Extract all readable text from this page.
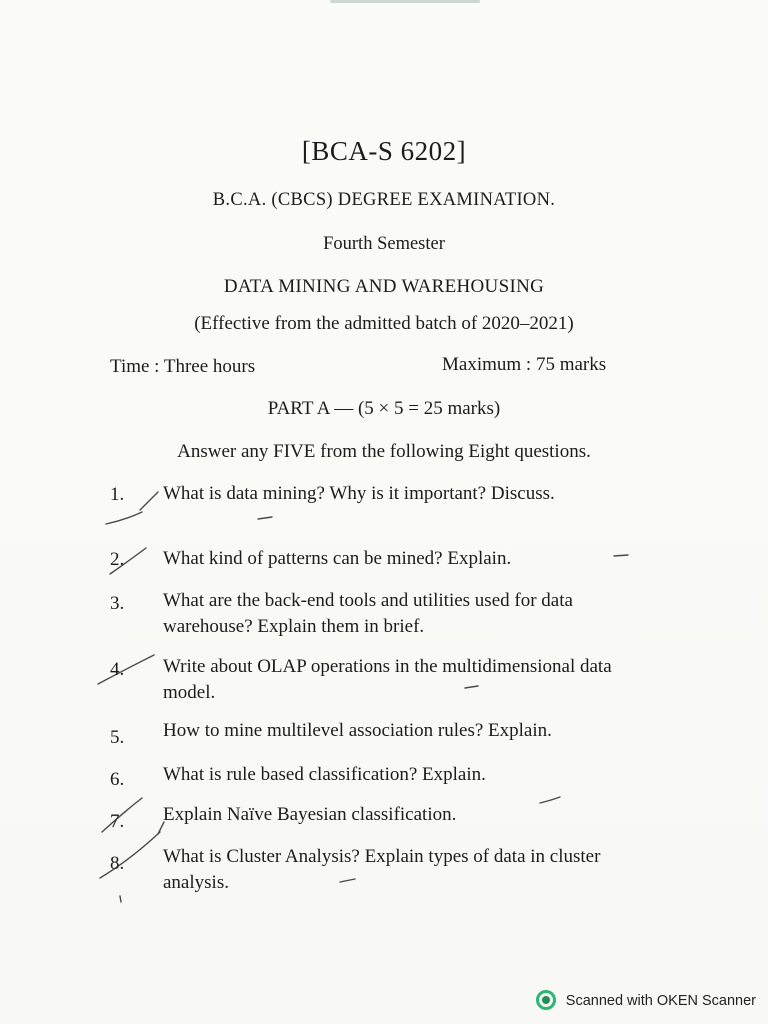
[BCA-S 6202]
B.C.A. (CBCS) DEGREE EXAMINATION.
Fourth Semester
DATA MINING AND WAREHOUSING
(Effective from the admitted batch of 2020–2021)
Time : Three hours	Maximum : 75 marks
PART A — (5 × 5 = 25 marks)
Answer any FIVE from the following Eight questions.
1. What is data mining? Why is it important? Discuss.
2. What kind of patterns can be mined? Explain.
3. What are the back-end tools and utilities used for data warehouse? Explain them in brief.
4. Write about OLAP operations in the multidimensional data model.
5. How to mine multilevel association rules? Explain.
6. What is rule based classification? Explain.
7. Explain Naïve Bayesian classification.
8. What is Cluster Analysis? Explain types of data in cluster analysis.
Scanned with OKEN Scanner
